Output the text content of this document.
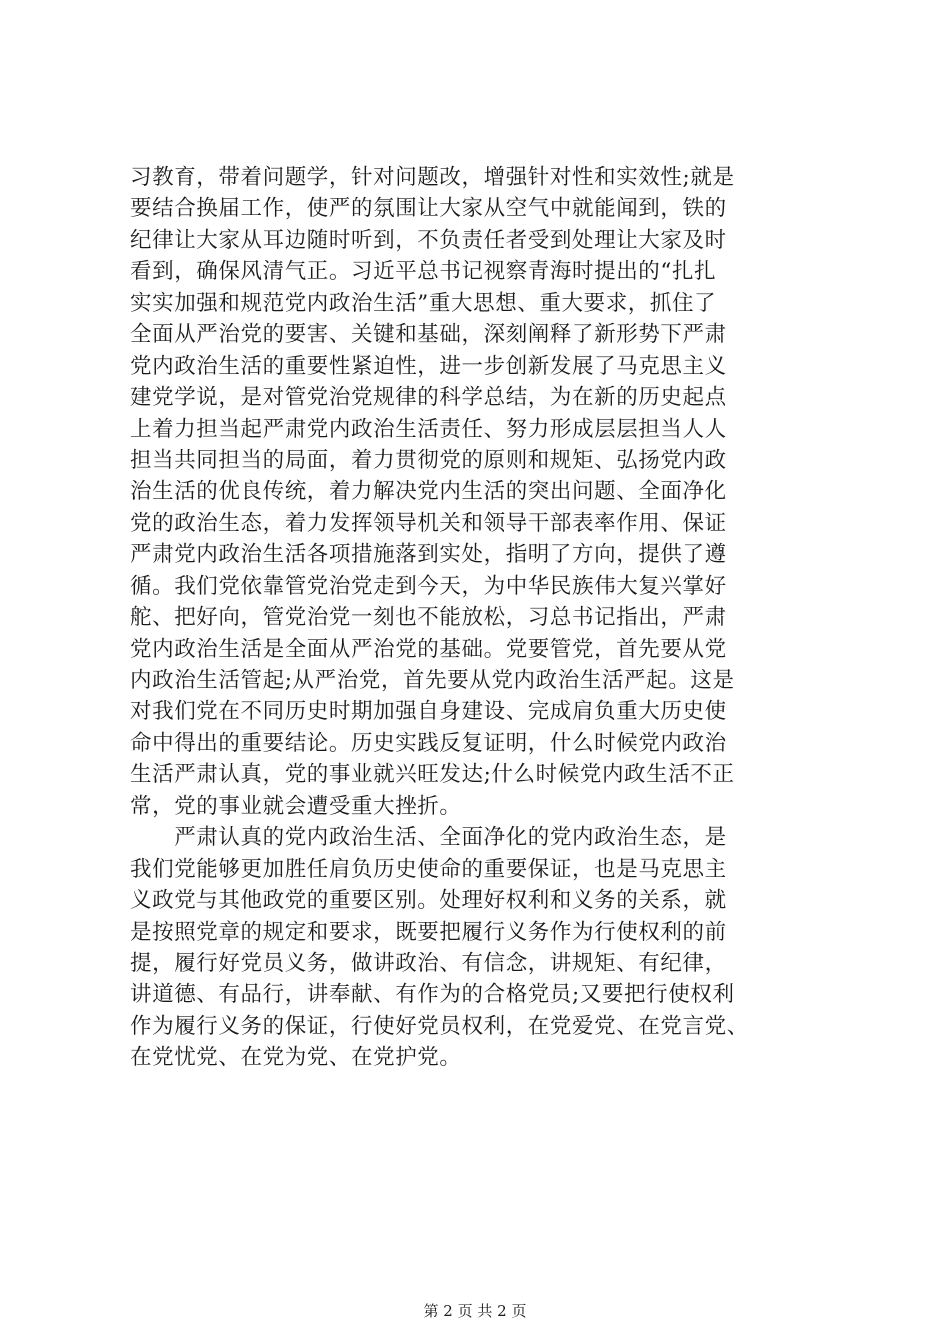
习教育，带着问题学，针对问题改，增强针对性和实效性;就是
要结合换届工作，使严的氛围让大家从空气中就能闻到，铁的
纪律让大家从耳边随时听到，不负责任者受到处理让大家及时
看到，确保风清气正。习近平总书记视察青海时提出的“扎扎
实实加强和规范党内政治生活”重大思想、重大要求，抓住了
全面从严治党的要害、关键和基础，深刻阐释了新形势下严肃
党内政治生活的重要性紧迫性，进一步创新发展了马克思主义
建党学说，是对管党治党规律的科学总结，为在新的历史起点
上着力担当起严肃党内政治生活责任、努力形成层层担当人人
担当共同担当的局面，着力贯彻党的原则和规矩、弘扬党内政
治生活的优良传统，着力解决党内生活的突出问题、全面净化
党的政治生态，着力发挥领导机关和领导干部表率作用、保证
严肃党内政治生活各项措施落到实处，指明了方向，提供了遵
循。我们党依靠管党治党走到今天，为中华民族伟大复兴掌好
舵、把好向，管党治党一刻也不能放松，习总书记指出，严肃
党内政治生活是全面从严治党的基础。党要管党，首先要从党
内政治生活管起;从严治党，首先要从党内政治生活严起。这是
对我们党在不同历史时期加强自身建设、完成肩负重大历史使
命中得出的重要结论。历史实践反复证明，什么时候党内政治
生活严肃认真，党的事业就兴旺发达;什么时候党内政生活不正
常，党的事业就会遭受重大挫折。
　　严肃认真的党内政治生活、全面净化的党内政治生态，是
我们党能够更加胜任肩负历史使命的重要保证，也是马克思主
义政党与其他政党的重要区别。处理好权利和义务的关系，就
是按照党章的规定和要求，既要把履行义务作为行使权利的前
提，履行好党员义务，做讲政治、有信念，讲规矩、有纪律，
讲道德、有品行，讲奉献、有作为的合格党员;又要把行使权利
作为履行义务的保证，行使好党员权利，在党爱党、在党言党、
在党忧党、在党为党、在党护党。
第 2 页 共 2 页
